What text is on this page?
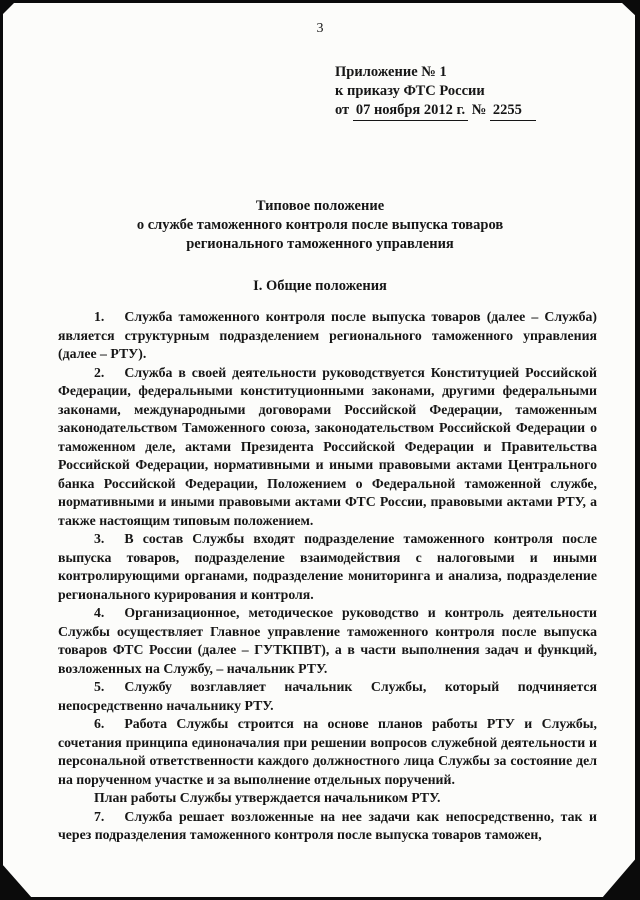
3
Приложение № 1
к приказу ФТС России
от 07 ноября 2012 г. № 2255
Типовое положение
о службе таможенного контроля после выпуска товаров
регионального таможенного управления
I. Общие положения

1. Служба таможенного контроля после выпуска товаров (далее – Служба) является структурным подразделением регионального таможенного управления (далее – РТУ).

2. Служба в своей деятельности руководствуется Конституцией Российской Федерации, федеральными конституционными законами, другими федеральными законами, международными договорами Российской Федерации, таможенным законодательством Таможенного союза, законодательством Российской Федерации о таможенном деле, актами Президента Российской Федерации и Правительства Российской Федерации, нормативными и иными правовыми актами Центрального банка Российской Федерации, Положением о Федеральной таможенной службе, нормативными и иными правовыми актами ФТС России, правовыми актами РТУ, а также настоящим типовым положением.

3. В состав Службы входят подразделение таможенного контроля после выпуска товаров, подразделение взаимодействия с налоговыми и иными контролирующими органами, подразделение мониторинга и анализа, подразделение регионального курирования и контроля.

4. Организационное, методическое руководство и контроль деятельности Службы осуществляет Главное управление таможенного контроля после выпуска товаров ФТС России (далее – ГУТКПВТ), а в части выполнения задач и функций, возложенных на Службу, – начальник РТУ.

5. Службу возглавляет начальник Службы, который подчиняется непосредственно начальнику РТУ.

6. Работа Службы строится на основе планов работы РТУ и Службы, сочетания принципа единоначалия при решении вопросов служебной деятельности и персональной ответственности каждого должностного лица Службы за состояние дел на порученном участке и за выполнение отдельных поручений.

План работы Службы утверждается начальником РТУ.

7. Служба решает возложенные на нее задачи как непосредственно, так и через подразделения таможенного контроля после выпуска товаров таможен,
